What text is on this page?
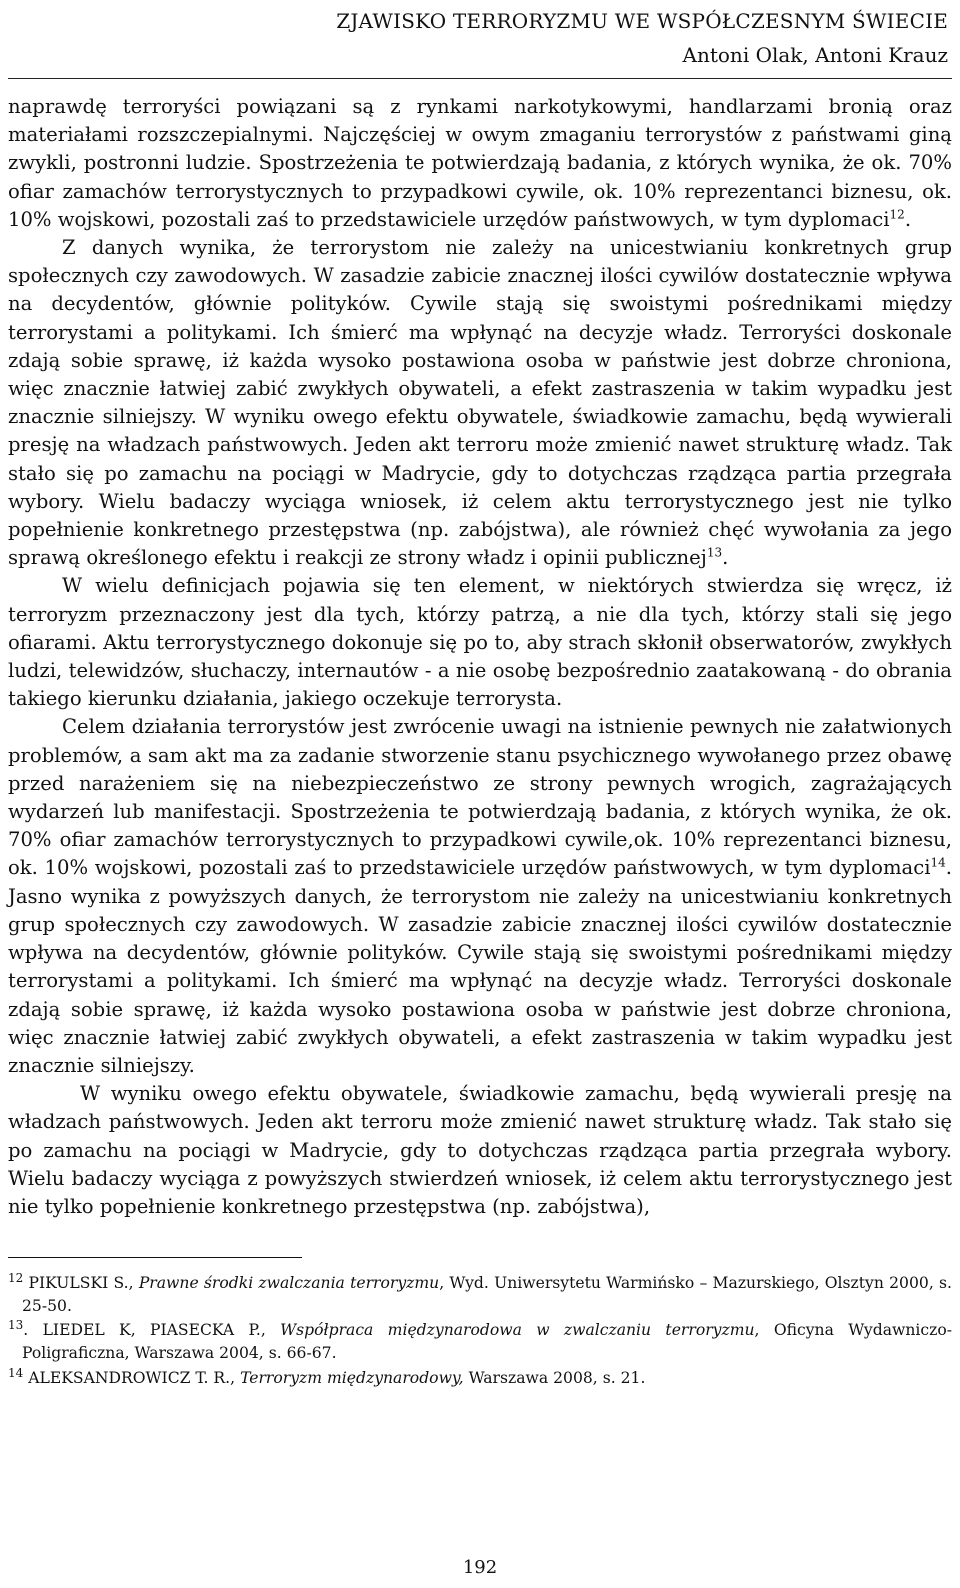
ZJAWISKO TERRORYZMU WE WSPÓŁCZESNYM ŚWIECIE
Antoni Olak, Antoni Krauz

naprawdę terroryści powiązani są z rynkami narkotykowymi, handlarzami bronią oraz materiałami rozszczepialnymi. Najczęściej w owym zmaganiu terrorystów z państwami giną zwykli, postronni ludzie. Spostrzeżenia te potwierdzają badania, z których wynika, że ok. 70% ofiar zamachów terrorystycznych to przypadkowi cywile, ok. 10% reprezentanci biznesu, ok. 10% wojskowi, pozostali zaś to przedstawiciele urzędów państwowych, w tym dyplomaci$^{12}$.

Z danych wynika, że terrorystom nie zależy na unicestwianiu konkretnych grup społecznych czy zawodowych. W zasadzie zabicie znacznej ilości cywilów dostatecznie wpływa na decydentów, głównie polityków. Cywile stają się swoistymi pośrednikami między terrorystami a politykami. Ich śmierć ma wpłynąć na decyzje władz. Terroryści doskonale zdają sobie sprawę, iż każda wysoko postawiona osoba w państwie jest dobrze chroniona, więc znacznie łatwiej zabić zwykłych obywateli, a efekt zastraszenia w takim wypadku jest znacznie silniejszy. W wyniku owego efektu obywatele, świadkowie zamachu, będą wywierali presję na władzach państwowych. Jeden akt terroru może zmienić nawet strukturę władz. Tak stało się po zamachu na pociągi w Madrycie, gdy to dotychczas rządząca partia przegrała wybory. Wielu badaczy wyciąga wniosek, iż celem aktu terrorystycznego jest nie tylko popełnienie konkretnego przestępstwa (np. zabójstwa), ale również chęć wywołania za jego sprawą określonego efektu i reakcji ze strony władz i opinii publicznej$^{13}$.

W wielu definicjach pojawia się ten element, w niektórych stwierdza się wręcz, iż terroryzm przeznaczony jest dla tych, którzy patrzą, a nie dla tych, którzy stali się jego ofiarami. Aktu terrorystycznego dokonuje się po to, aby strach skłonił obserwatorów, zwykłych ludzi, telewidzów, słuchaczy, internautów - a nie osobę bezpośrednio zaatakowaną - do obrania takiego kierunku działania, jakiego oczekuje terrorysta.

Celem działania terrorystów jest zwrócenie uwagi na istnienie pewnych nie załatwionych problemów, a sam akt ma za zadanie stworzenie stanu psychicznego wywołanego przez obawę przed narażeniem się na niebezpieczeństwo ze strony pewnych wrogich, zagrażających wydarzeń lub manifestacji. Spostrzeżenia te potwierdzają badania, z których wynika, że ok. 70% ofiar zamachów terrorystycznych to przypadkowi cywile,ok. 10% reprezentanci biznesu, ok. 10% wojskowi, pozostali zaś to przedstawiciele urzędów państwowych, w tym dyplomaci$^{14}$. Jasno wynika z powyższych danych, że terrorystom nie zależy na unicestwianiu konkretnych grup społecznych czy zawodowych. W zasadzie zabicie znacznej ilości cywilów dostatecznie wpływa na decydentów, głównie polityków. Cywile stają się swoistymi pośrednikami między terrorystami a politykami. Ich śmierć ma wpłynąć na decyzje władz. Terroryści doskonale zdają sobie sprawę, iż każda wysoko postawiona osoba w państwie jest dobrze chroniona, więc znacznie łatwiej zabić zwykłych obywateli, a efekt zastraszenia w takim wypadku jest znacznie silniejszy.

W wyniku owego efektu obywatele, świadkowie zamachu, będą wywierali presję na władzach państwowych. Jeden akt terroru może zmienić nawet strukturę władz. Tak stało się po zamachu na pociągi w Madrycie, gdy to dotychczas rządząca partia przegrała wybory. Wielu badaczy wyciąga z powyższych stwierdzeń wniosek, iż celem aktu terrorystycznego jest nie tylko popełnienie konkretnego przestępstwa (np. zabójstwa),

$^{12}$ PIKULSKI S., Prawne środki zwalczania terroryzmu, Wyd. Uniwersytetu Warmińsko – Mazurskiego, Olsztyn 2000, s. 25-50.

$^{13}$. LIEDEL K, PIASECKA P., Współpraca międzynarodowa w zwalczaniu terroryzmu, Oficyna Wydawniczo-Poligraficzna, Warszawa 2004, s. 66-67.

$^{14}$ ALEKSANDROWICZ T. R., Terroryzm międzynarodowy, Warszawa 2008, s. 21.

192
